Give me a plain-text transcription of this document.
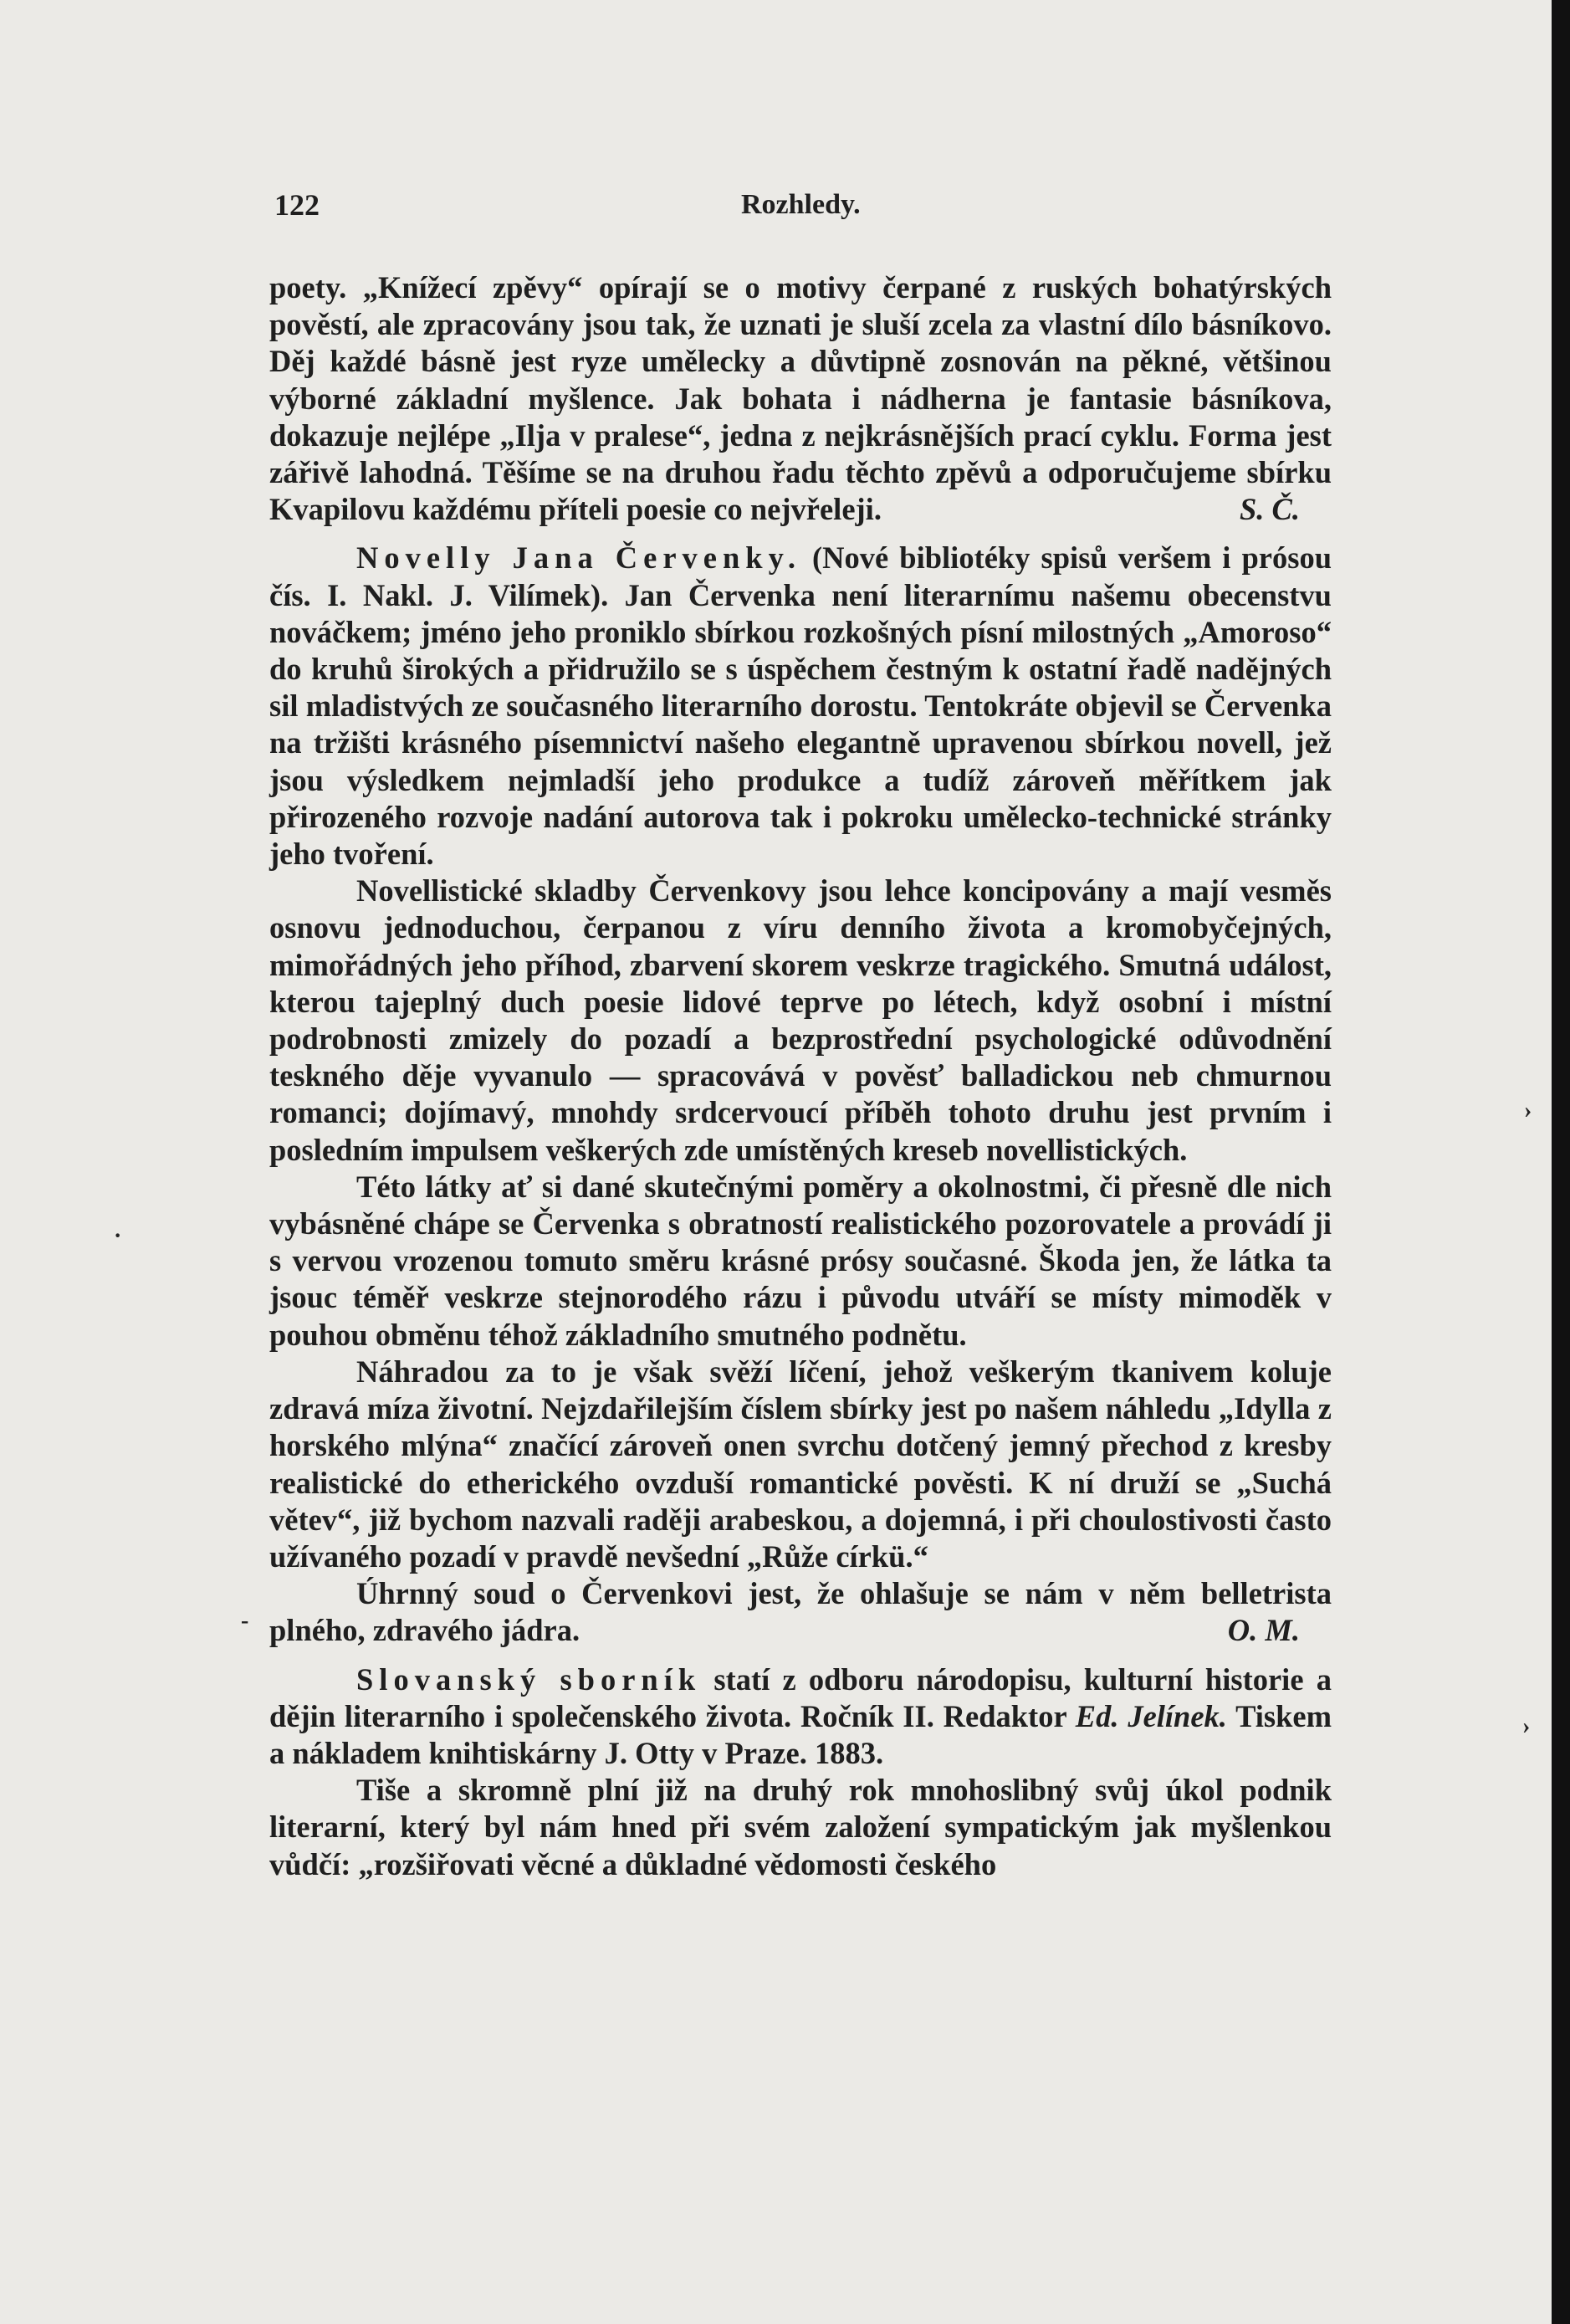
122	Rozhledy.

poety. „Knížecí zpěvy“ opírají se o motivy čerpané z ruských bohatýrských pověstí, ale zpracovány jsou tak, že uznati je sluší zcela za vlastní dílo básníkovo. Děj každé básně jest ryze umělecky a důvtipně zosnován na pěkné, většinou výborné základní myšlence. Jak bohata i nádherna je fantasie básníkova, dokazuje nejlépe „Ilja v pralese“, jedna z nejkrásnějších prací cyklu. Forma jest zářivě lahodná. Těšíme se na druhou řadu těchto zpěvů a odporučujeme sbírku Kvapilovu každému příteli poesie co nejvřeleji.	S. Č.

Novelly Jana Červenky. (Nové bibliotéky spisů veršem i prósou čís. I. Nakl. J. Vilímek). Jan Červenka není literarnímu našemu obecenstvu nováčkem; jméno jeho proniklo sbírkou rozkošných písní milostných „Amoroso“ do kruhů širokých a přidružilo se s úspěchem čestným k ostatní řadě nadějných sil mladistvých ze současného literarního dorostu. Tentokráte objevil se Červenka na tržišti krásného písemnictví našeho elegantně upravenou sbírkou novell, jež jsou výsledkem nejmladší jeho produkce a tudíž zároveň měřítkem jak přirozeného rozvoje nadání autorova tak i pokroku umělecko-technické stránky jeho tvoření.

Novellistické skladby Červenkovy jsou lehce koncipovány a mají vesměs osnovu jednoduchou, čerpanou z víru denního života a kromobyčejných, mimořádných jeho příhod, zbarvení skorem veskrze tragického. Smutná událost, kterou tajeplný duch poesie lidové teprve po létech, když osobní i místní podrobnosti zmizely do pozadí a bezprostřední psychologické odůvodnění teskného děje vyvanulo — spracovává v pověsť balladickou neb chmurnou romanci; dojímavý, mnohdy srdcervoucí příběh tohoto druhu jest prvním i posledním impulsem veškerých zde umístěných kreseb novellistických.

Této látky ať si dané skutečnými poměry a okolnostmi, či přesně dle nich vybásněné chápe se Červenka s obratností realistického pozorovatele a provádí ji s vervou vrozenou tomuto směru krásné prósy současné. Škoda jen, že látka ta jsouc téměř veskrze stejnorodého rázu i původu utváří se místy mimoděk v pouhou obměnu téhož základního smutného podnětu.

Náhradou za to je však svěží líčení, jehož veškerým tkanivem koluje zdravá míza životní. Nejzdařilejším číslem sbírky jest po našem náhledu „Idylla z horského mlýna“ značící zároveň onen svrchu dotčený jemný přechod z kresby realistické do etherického ovzduší romantické pověsti. K ní druží se „Suchá větev“, již bychom nazvali raději arabeskou, a dojemná, i při choulostivosti často užívaného pozadí v pravdě nevšední „Růže církü.“

Úhrnný soud o Červenkovi jest, že ohlašuje se nám v něm belletrista plného, zdravého jádra.	O. M.

Slovanský sborník statí z odboru národopisu, kulturní historie a dějin literarního i společenského života. Ročník II. Redaktor Ed. Jelínek. Tiskem a nákladem knihtiskárny J. Otty v Praze. 1883.

Tiše a skromně plní již na druhý rok mnohoslibný svůj úkol podnik literarní, který byl nám hned při svém založení sympatickým jak myšlenkou vůdčí: „rozšiřovati věcné a důkladné vědomosti českého

›
›
·
-
